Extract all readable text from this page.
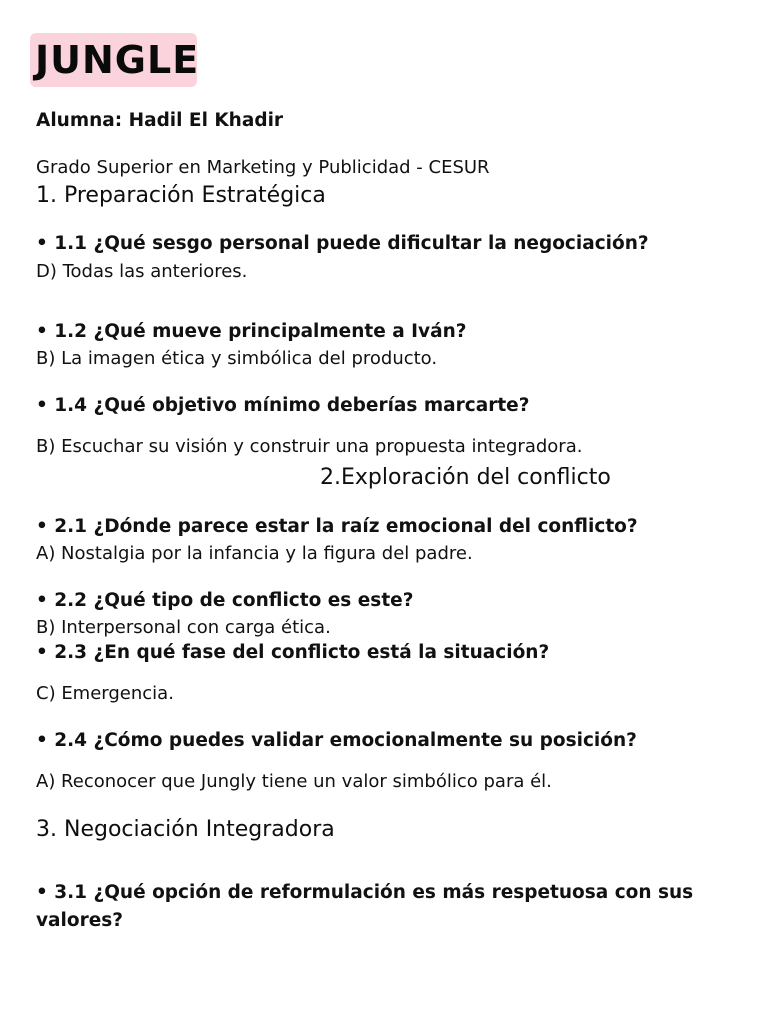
JUNGLE
Alumna: Hadil El Khadir
Grado Superior en Marketing y Publicidad - CESUR
1. Preparación Estratégica
• 1.1 ¿Qué sesgo personal puede dificultar la negociación?
D) Todas las anteriores.
• 1.2 ¿Qué mueve principalmente a Iván?
B) La imagen ética y simbólica del producto.
• 1.4 ¿Qué objetivo mínimo deberías marcarte?
B) Escuchar su visión y construir una propuesta integradora.
2.Exploración del conflicto
• 2.1 ¿Dónde parece estar la raíz emocional del conflicto?
A) Nostalgia por la infancia y la figura del padre.
• 2.2 ¿Qué tipo de conflicto es este?
B) Interpersonal con carga ética.
• 2.3 ¿En qué fase del conflicto está la situación?
C) Emergencia.
• 2.4 ¿Cómo puedes validar emocionalmente su posición?
A) Reconocer que Jungly tiene un valor simbólico para él.
3. Negociación Integradora
• 3.1 ¿Qué opción de reformulación es más respetuosa con sus valores?
